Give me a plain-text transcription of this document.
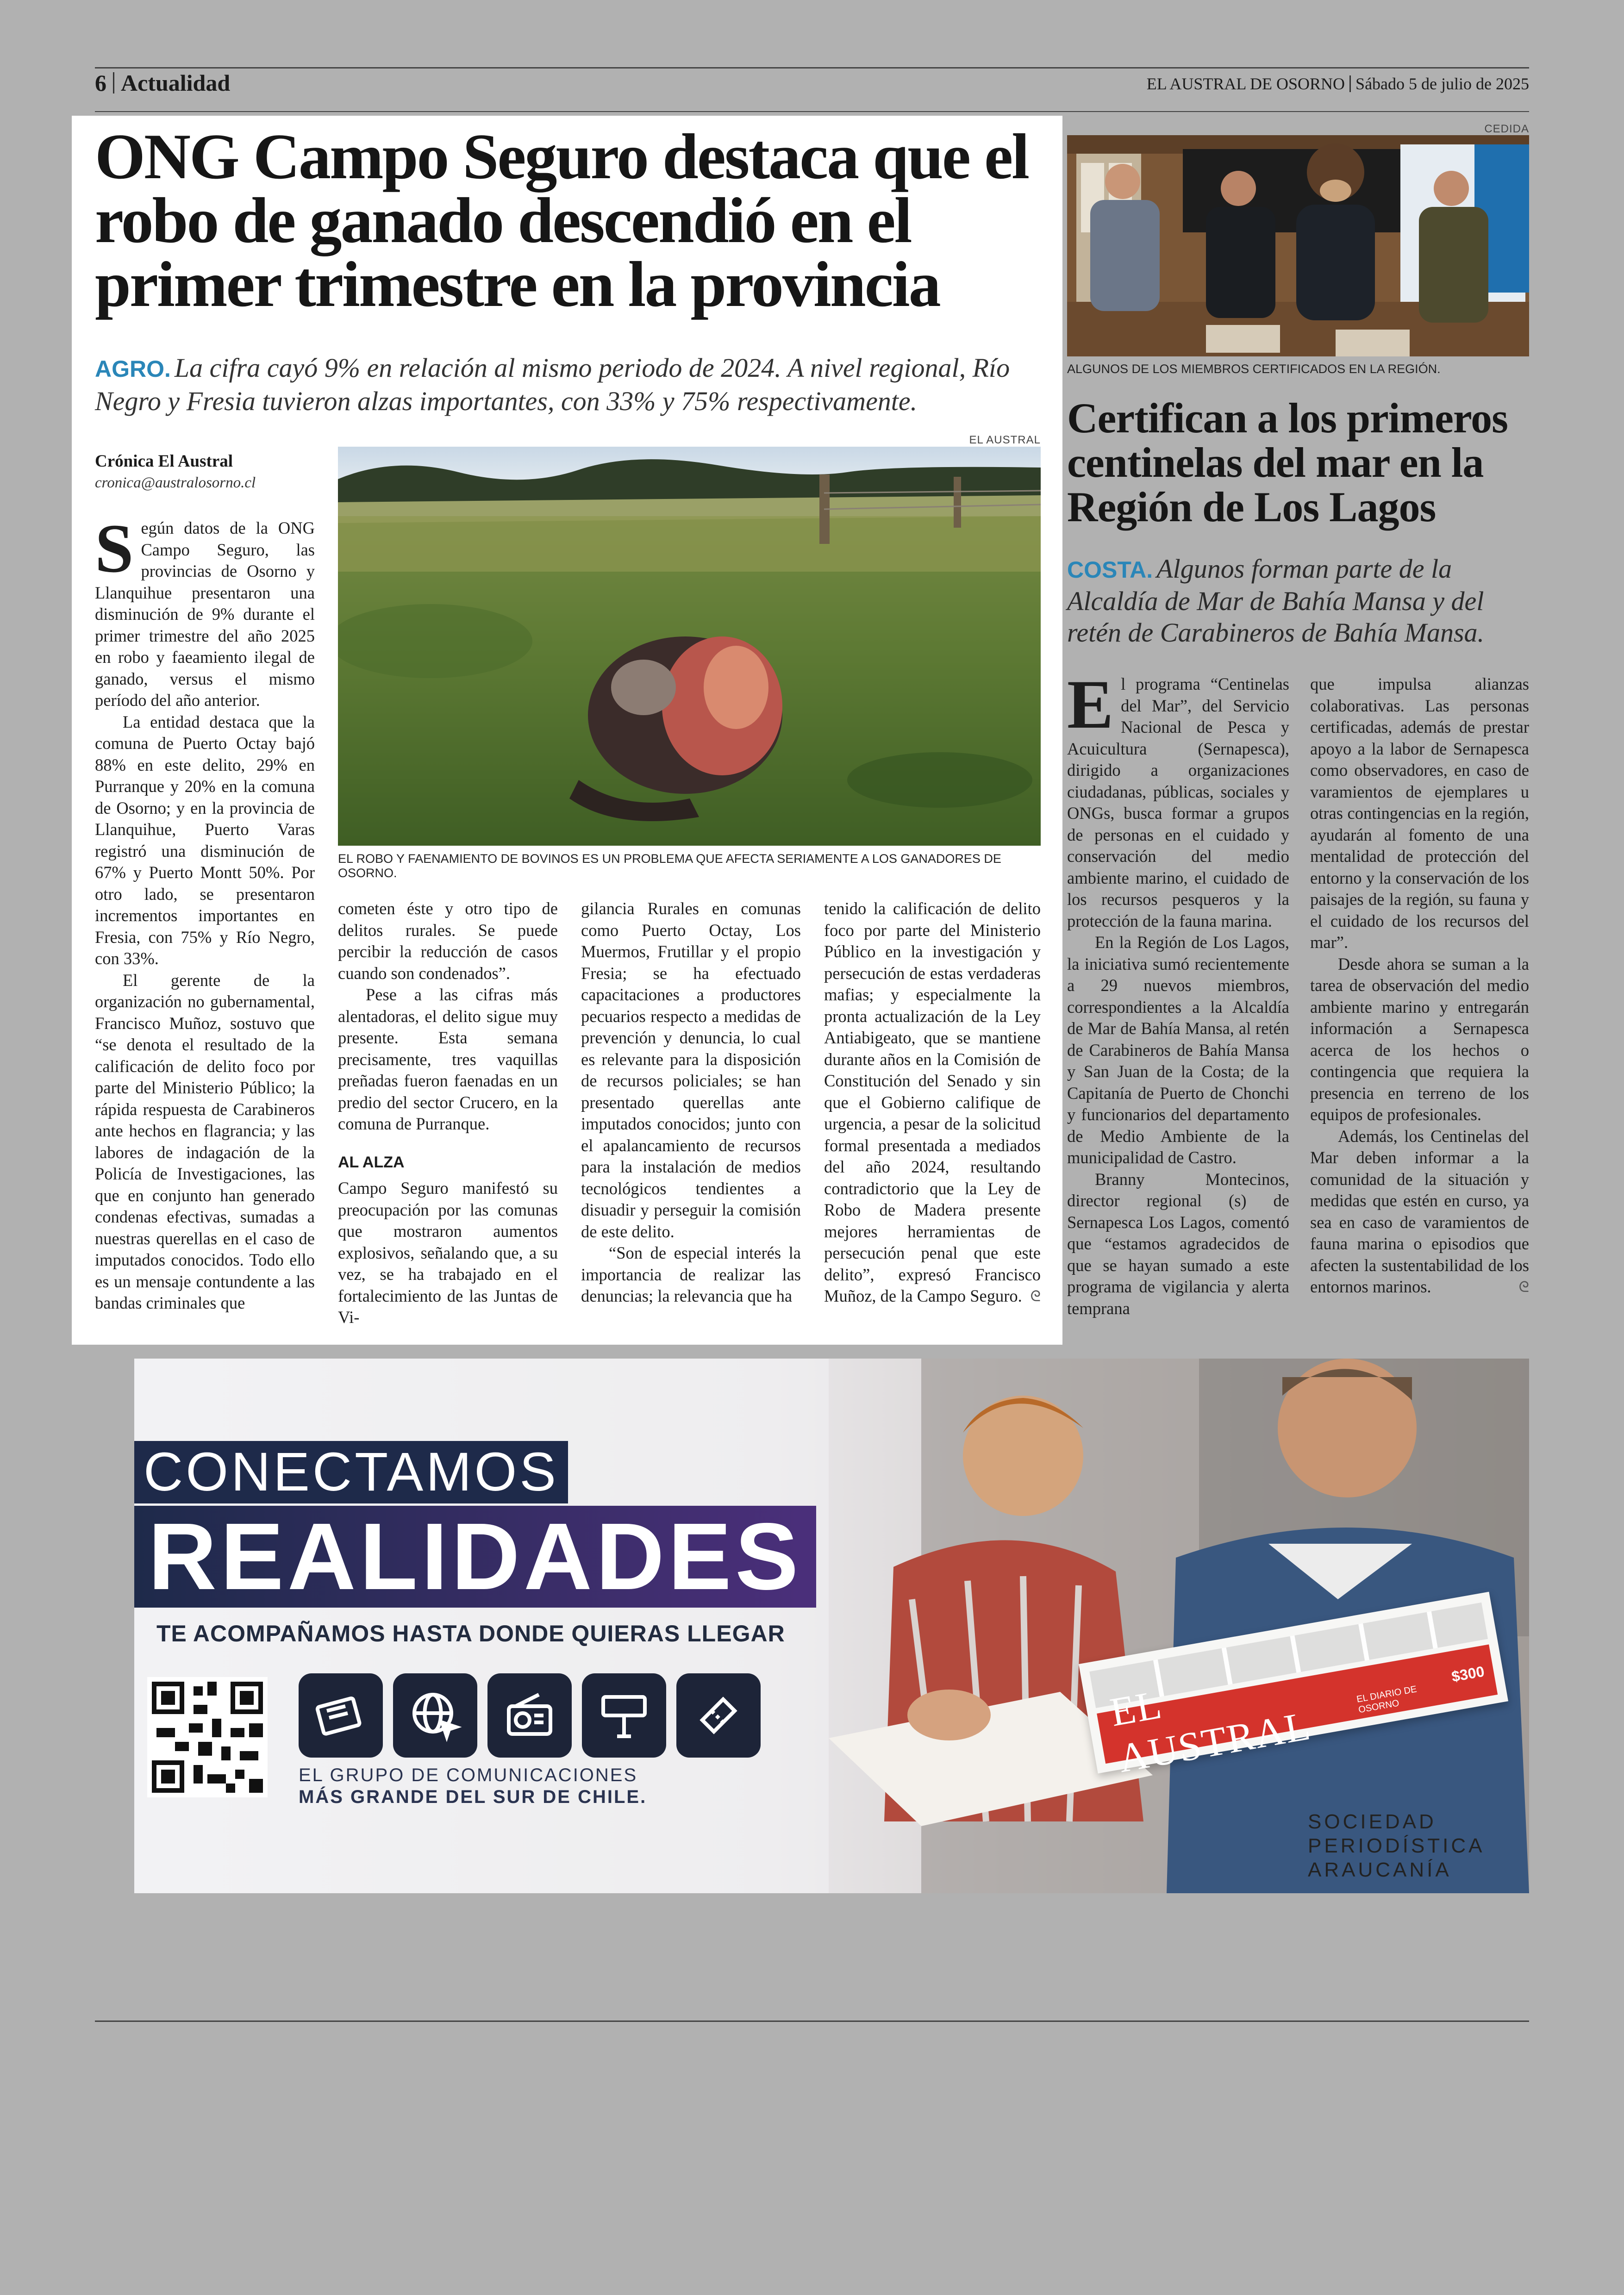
6 Actualidad	EL AUSTRAL DE OSORNO Sábado 5 de julio de 2025
ONG Campo Seguro destaca que el robo de ganado descendió en el primer trimestre en la provincia
AGRO. La cifra cayó 9% en relación al mismo periodo de 2024. A nivel regional, Río Negro y Fresia tuvieron alzas importantes, con 33% y 75% respectivamente.
Crónica El Austral
cronica@australosorno.cl
EL AUSTRAL
EL ROBO Y FAENAMIENTO DE BOVINOS ES UN PROBLEMA QUE AFECTA SERIAMENTE A LOS GANADORES DE OSORNO.

Según datos de la ONG Campo Seguro, las provincias de Osorno y Llanquihue presentaron una disminución de 9% durante el primer trimestre del año 2025 en robo y faeamiento ilegal de ganado, versus el mismo período del año anterior.

La entidad destaca que la comuna de Puerto Octay bajó 88% en este delito, 29% en Purranque y 20% en la comuna de Osorno; y en la provincia de Llanquihue, Puerto Varas registró una disminución de 67% y Puerto Montt 50%. Por otro lado, se presentaron incrementos importantes en Fresia, con 75% y Río Negro, con 33%.

El gerente de la organización no gubernamental, Francisco Muñoz, sostuvo que “se denota el resultado de la calificación de delito foco por parte del Ministerio Público; la rápida respuesta de Carabineros ante hechos en flagrancia; y las labores de indagación de la Policía de Investigaciones, las que en conjunto han generado condenas efectivas, sumadas a nuestras querellas en el caso de imputados conocidos. Todo ello es un mensaje contundente a las bandas criminales que

cometen éste y otro tipo de delitos rurales. Se puede percibir la reducción de casos cuando son condenados”.

Pese a las cifras más alentadoras, el delito sigue muy presente. Esta semana precisamente, tres vaquillas preñadas fueron faenadas en un predio del sector Crucero, en la comuna de Purranque.

AL ALZA

Campo Seguro manifestó su preocupación por las comunas que mostraron aumentos explosivos, señalando que, a su vez, se ha trabajado en el fortalecimiento de las Juntas de Vi-

gilancia Rurales en comunas como Puerto Octay, Los Muermos, Frutillar y el propio Fresia; se ha efectuado capacitaciones a productores pecuarios respecto a medidas de prevención y denuncia, lo cual es relevante para la disposición de recursos policiales; se han presentado querellas ante imputados conocidos; junto con el apalancamiento de recursos para la instalación de medios tecnológicos tendientes a disuadir y perseguir la comisión de este delito.

“Son de especial interés la importancia de realizar las denuncias; la relevancia que ha

tenido la calificación de delito foco por parte del Ministerio Público en la investigación y persecución de estas verdaderas mafias; y especialmente la pronta actualización de la Ley Antiabigeato, que se mantiene durante años en la Comisión de Constitución del Senado y sin que el Gobierno califique de urgencia, a pesar de la solicitud formal presentada a mediados del año 2024, resultando contradictorio que la Ley de Robo de Madera presente mejores herramientas de persecución penal que este delito”, expresó Francisco Muñoz, de la Campo Seguro. ᘓ

CEDIDA
ALGUNOS DE LOS MIEMBROS CERTIFICADOS EN LA REGIÓN.
Certifican a los primeros centinelas del mar en la Región de Los Lagos
COSTA. Algunos forman parte de la Alcaldía de Mar de Bahía Mansa y del retén de Carabineros de Bahía Mansa.

El programa “Centinelas del Mar”, del Servicio Nacional de Pesca y Acuicultura (Sernapesca), dirigido a organizaciones ciudadanas, públicas, sociales y ONGs, busca formar a grupos de personas en el cuidado y conservación del medio ambiente marino, el cuidado de los recursos pesqueros y la protección de la fauna marina.

En la Región de Los Lagos, la iniciativa sumó recientemente a 29 nuevos miembros, correspondientes a la Alcaldía de Mar de Bahía Mansa, al retén de Carabineros de Bahía Mansa y San Juan de la Costa; de la Capitanía de Puerto de Chonchi y funcionarios del departamento de Medio Ambiente de la municipalidad de Castro.

Branny Montecinos, director regional (s) de Sernapesca Los Lagos, comentó que “estamos agradecidos de que se hayan sumado a este programa de vigilancia y alerta temprana

que impulsa alianzas colaborativas. Las personas certificadas, además de prestar apoyo a la labor de Sernapesca como observadores, en caso de varamientos de ejemplares u otras contingencias en la región, ayudarán al fomento de una mentalidad de protección del entorno y la conservación de los paisajes de la región, su fauna y el cuidado de los recursos del mar”.

Desde ahora se suman a la tarea de observación del medio ambiente marino y entregarán información a Sernapesca acerca de los hechos o contingencia que requiera la presencia en terreno de los equipos de profesionales.

Además, los Centinelas del Mar deben informar a la comunidad de la situación y medidas que estén en curso, ya sea en caso de varamientos de fauna marina o episodios que afecten la sustentabilidad de los entornos marinos.	ᘓ

CONECTAMOS
REALIDADES
TE ACOMPAÑAMOS HASTA DONDE QUIERAS LLEGAR
EL GRUPO DE COMUNICACIONES
MÁS GRANDE DEL SUR DE CHILE.
EL AUSTRAL
EL DIARIO DE OSORNO
$300
SOCIEDAD
PERIODÍSTICA
ARAUCANÍA
